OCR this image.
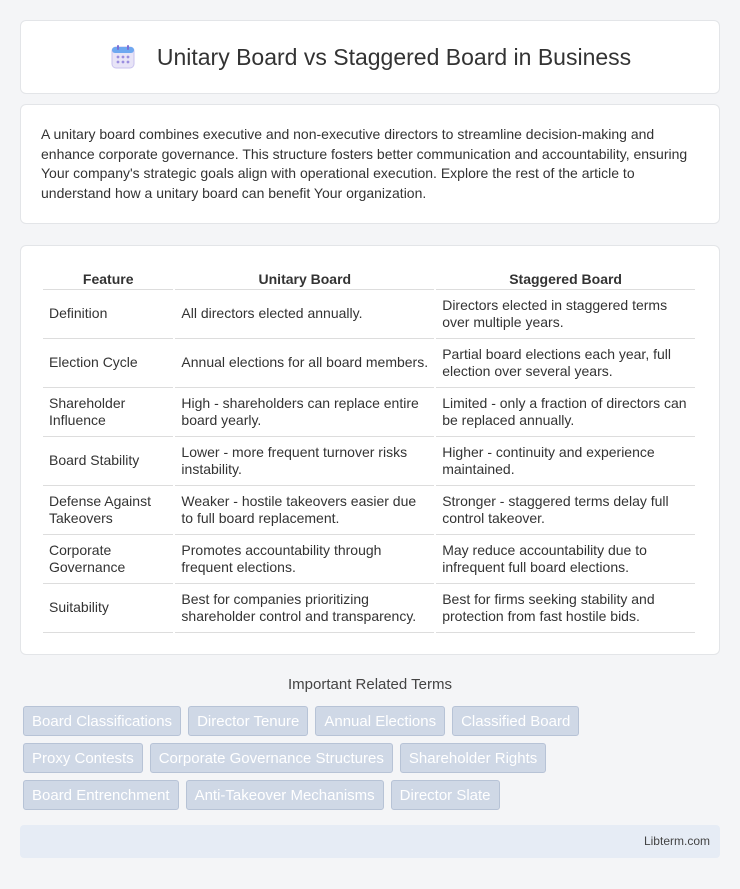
Unitary Board vs Staggered Board in Business

A unitary board combines executive and non-executive directors to streamline decision-making and enhance corporate governance. This structure fosters better communication and accountability, ensuring Your company's strategic goals align with operational execution. Explore the rest of the article to understand how a unitary board can benefit Your organization.

Feature	Unitary Board	Staggered Board
Definition	All directors elected annually.	Directors elected in staggered terms over multiple years.
Election Cycle	Annual elections for all board members.	Partial board elections each year, full election over several years.
Shareholder Influence	High - shareholders can replace entire board yearly.	Limited - only a fraction of directors can be replaced annually.
Board Stability	Lower - more frequent turnover risks instability.	Higher - continuity and experience maintained.
Defense Against Takeovers	Weaker - hostile takeovers easier due to full board replacement.	Stronger - staggered terms delay full control takeover.
Corporate Governance	Promotes accountability through frequent elections.	May reduce accountability due to infrequent full board elections.
Suitability	Best for companies prioritizing shareholder control and transparency.	Best for firms seeking stability and protection from fast hostile bids.
Important Related Terms
Board Classifications	Director Tenure	Annual Elections	Classified Board
Proxy Contests	Corporate Governance Structures	Shareholder Rights
Board Entrenchment	Anti-Takeover Mechanisms	Director Slate
Libterm.com
